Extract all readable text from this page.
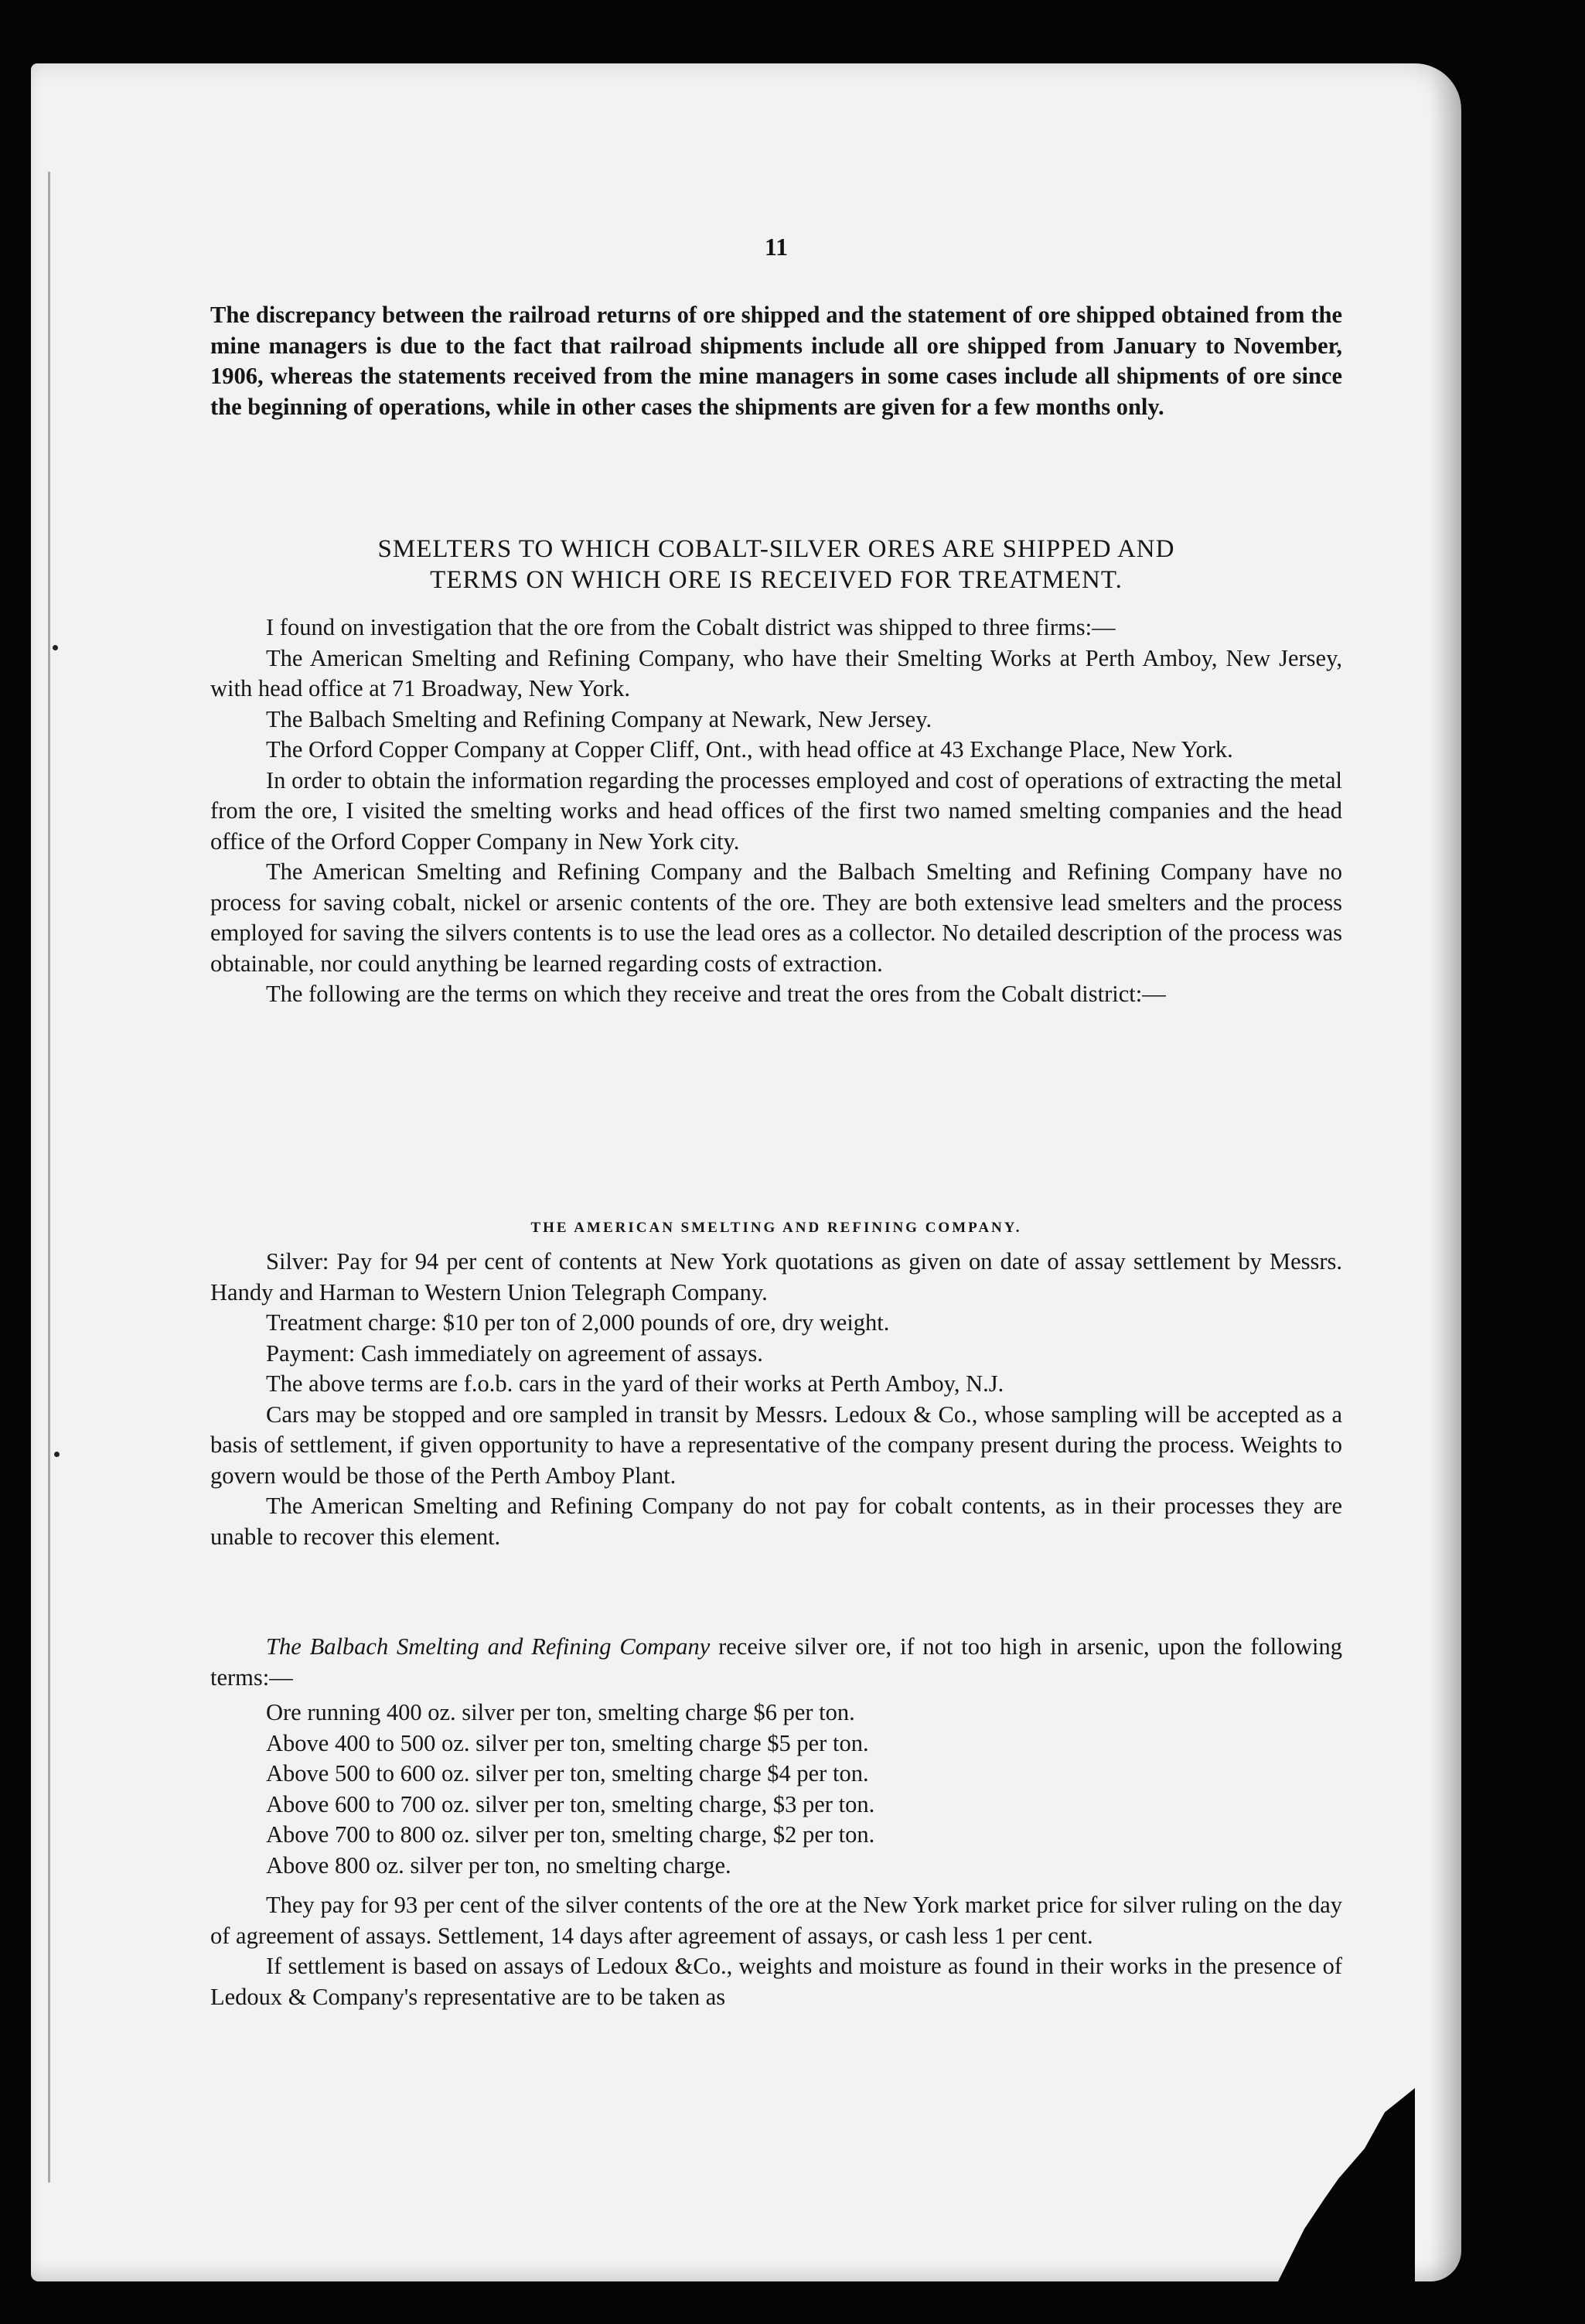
11

The discrepancy between the railroad returns of ore shipped and the statement of ore shipped obtained from the mine managers is due to the fact that railroad shipments include all ore shipped from January to November, 1906, whereas the statements received from the mine managers in some cases include all shipments of ore since the beginning of operations, while in other cases the shipments are given for a few months only.

SMELTERS TO WHICH COBALT-SILVER ORES ARE SHIPPED AND

TERMS ON WHICH ORE IS RECEIVED FOR TREATMENT.

I found on investigation that the ore from the Cobalt district was shipped to three firms:—

The American Smelting and Refining Company, who have their Smelting Works at Perth Amboy, New Jersey, with head office at 71 Broadway, New York.

The Balbach Smelting and Refining Company at Newark, New Jersey.

The Orford Copper Company at Copper Cliff, Ont., with head office at 43 Exchange Place, New York.

In order to obtain the information regarding the processes employed and cost of operations of extracting the metal from the ore, I visited the smelting works and head offices of the first two named smelting companies and the head office of the Orford Copper Company in New York city.

The American Smelting and Refining Company and the Balbach Smelting and Refining Company have no process for saving cobalt, nickel or arsenic contents of the ore. They are both extensive lead smelters and the process employed for saving the silvers contents is to use the lead ores as a collector. No detailed description of the process was obtainable, nor could anything be learned regarding costs of extraction.

The following are the terms on which they receive and treat the ores from the Cobalt district:—

THE AMERICAN SMELTING AND REFINING COMPANY.

Silver: Pay for 94 per cent of contents at New York quotations as given on date of assay settlement by Messrs. Handy and Harman to Western Union Telegraph Company.

Treatment charge: $10 per ton of 2,000 pounds of ore, dry weight.

Payment: Cash immediately on agreement of assays.

The above terms are f.o.b. cars in the yard of their works at Perth Amboy, N.J.

Cars may be stopped and ore sampled in transit by Messrs. Ledoux & Co., whose sampling will be accepted as a basis of settlement, if given opportunity to have a representative of the company present during the process. Weights to govern would be those of the Perth Amboy Plant.

The American Smelting and Refining Company do not pay for cobalt contents, as in their processes they are unable to recover this element.

The Balbach Smelting and Refining Company receive silver ore, if not too high in arsenic, upon the following terms:—

Ore running 400 oz. silver per ton, smelting charge $6 per ton.

Above 400 to 500 oz. silver per ton, smelting charge $5 per ton.

Above 500 to 600 oz. silver per ton, smelting charge $4 per ton.

Above 600 to 700 oz. silver per ton, smelting charge, $3 per ton.

Above 700 to 800 oz. silver per ton, smelting charge, $2 per ton.

Above 800 oz. silver per ton, no smelting charge.

They pay for 93 per cent of the silver contents of the ore at the New York market price for silver ruling on the day of agreement of assays. Settlement, 14 days after agreement of assays, or cash less 1 per cent.

If settlement is based on assays of Ledoux &Co., weights and moisture as found in their works in the presence of Ledoux & Company's representative are to be taken as
